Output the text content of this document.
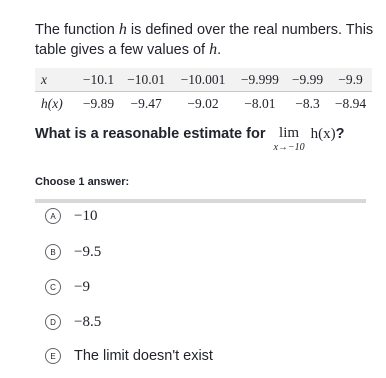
The function h is defined over the real numbers. This table gives a few values of h.
x	−10.1	−10.01	−10.001	−9.999	−9.99	−9.9
h(x)	−9.89	−9.47	−9.02	−8.01	−8.3	−8.94
What is a reasonable estimate for lim
x→−10
h(x) ?
Choose 1 answer:
A	−10
B	−9.5
C	−9
D	−8.5
E	The limit doesn't exist
